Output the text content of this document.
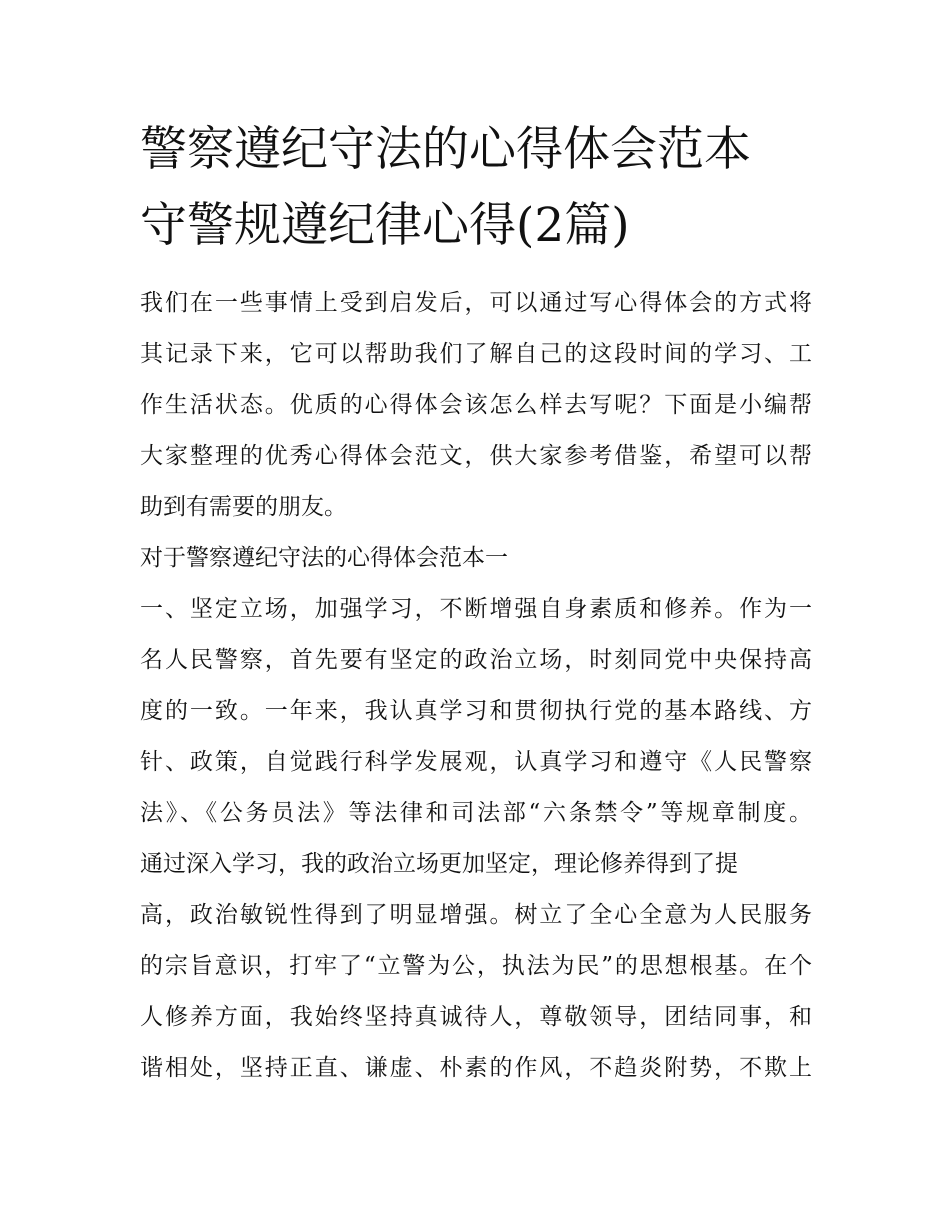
警察遵纪守法的心得体会范本
守警规遵纪律心得(2篇)
我们在一些事情上受到启发后，可以通过写心得体会的方式将
其记录下来，它可以帮助我们了解自己的这段时间的学习、工
作生活状态。优质的心得体会该怎么样去写呢？下面是小编帮
大家整理的优秀心得体会范文，供大家参考借鉴，希望可以帮
助到有需要的朋友。
对于警察遵纪守法的心得体会范本一
一、坚定立场，加强学习，不断增强自身素质和修养。作为一
名人民警察，首先要有坚定的政治立场，时刻同党中央保持高
度的一致。一年来，我认真学习和贯彻执行党的基本路线、方
针、政策，自觉践行科学发展观，认真学习和遵守《人民警察
法》、《公务员法》等法律和司法部“六条禁令”等规章制度。
通过深入学习，我的政治立场更加坚定，理论修养得到了提
高，政治敏锐性得到了明显增强。树立了全心全意为人民服务
的宗旨意识，打牢了“立警为公，执法为民”的思想根基。在个
人修养方面，我始终坚持真诚待人，尊敬领导，团结同事，和
谐相处，坚持正直、谦虚、朴素的作风，不趋炎附势，不欺上
